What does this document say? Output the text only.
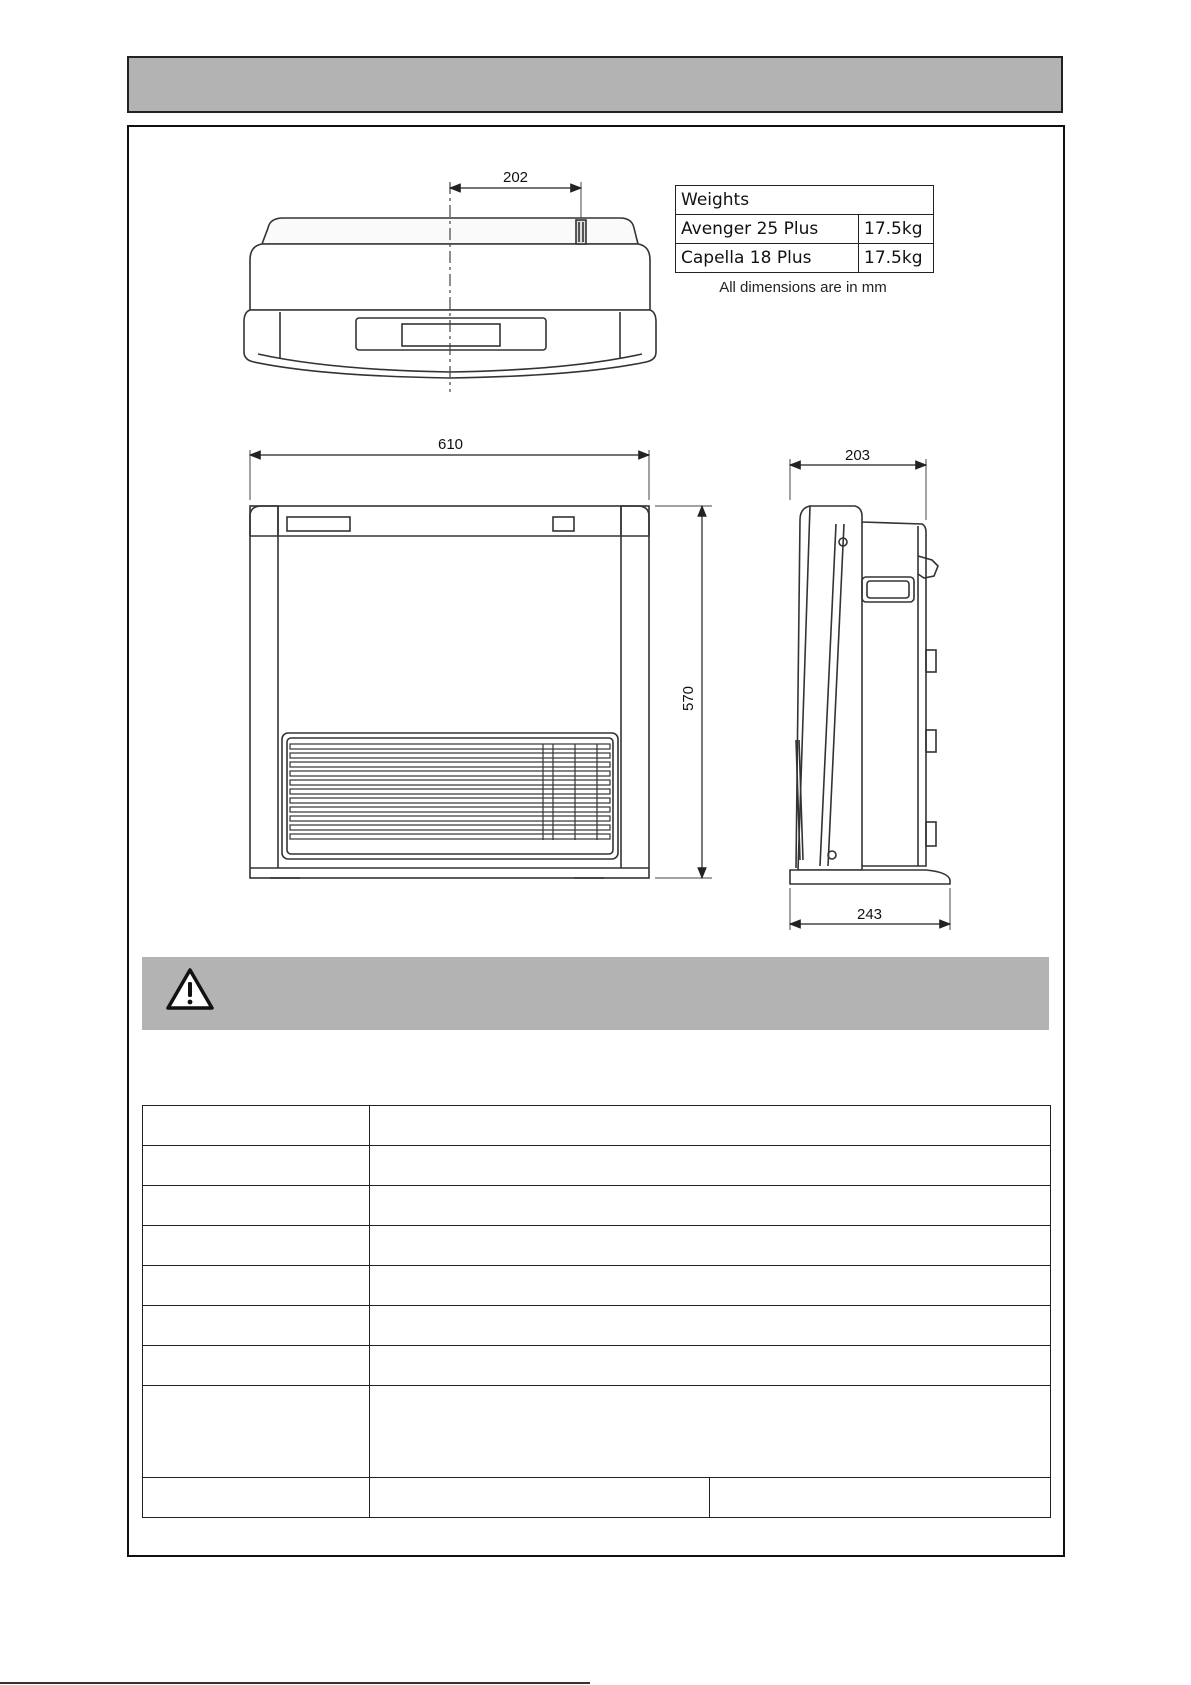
202
610
570
203
243
Weights	
Avenger 25 Plus	17.5kg
Capella 18 Plus	17.5kg
All dimensions are in mm
